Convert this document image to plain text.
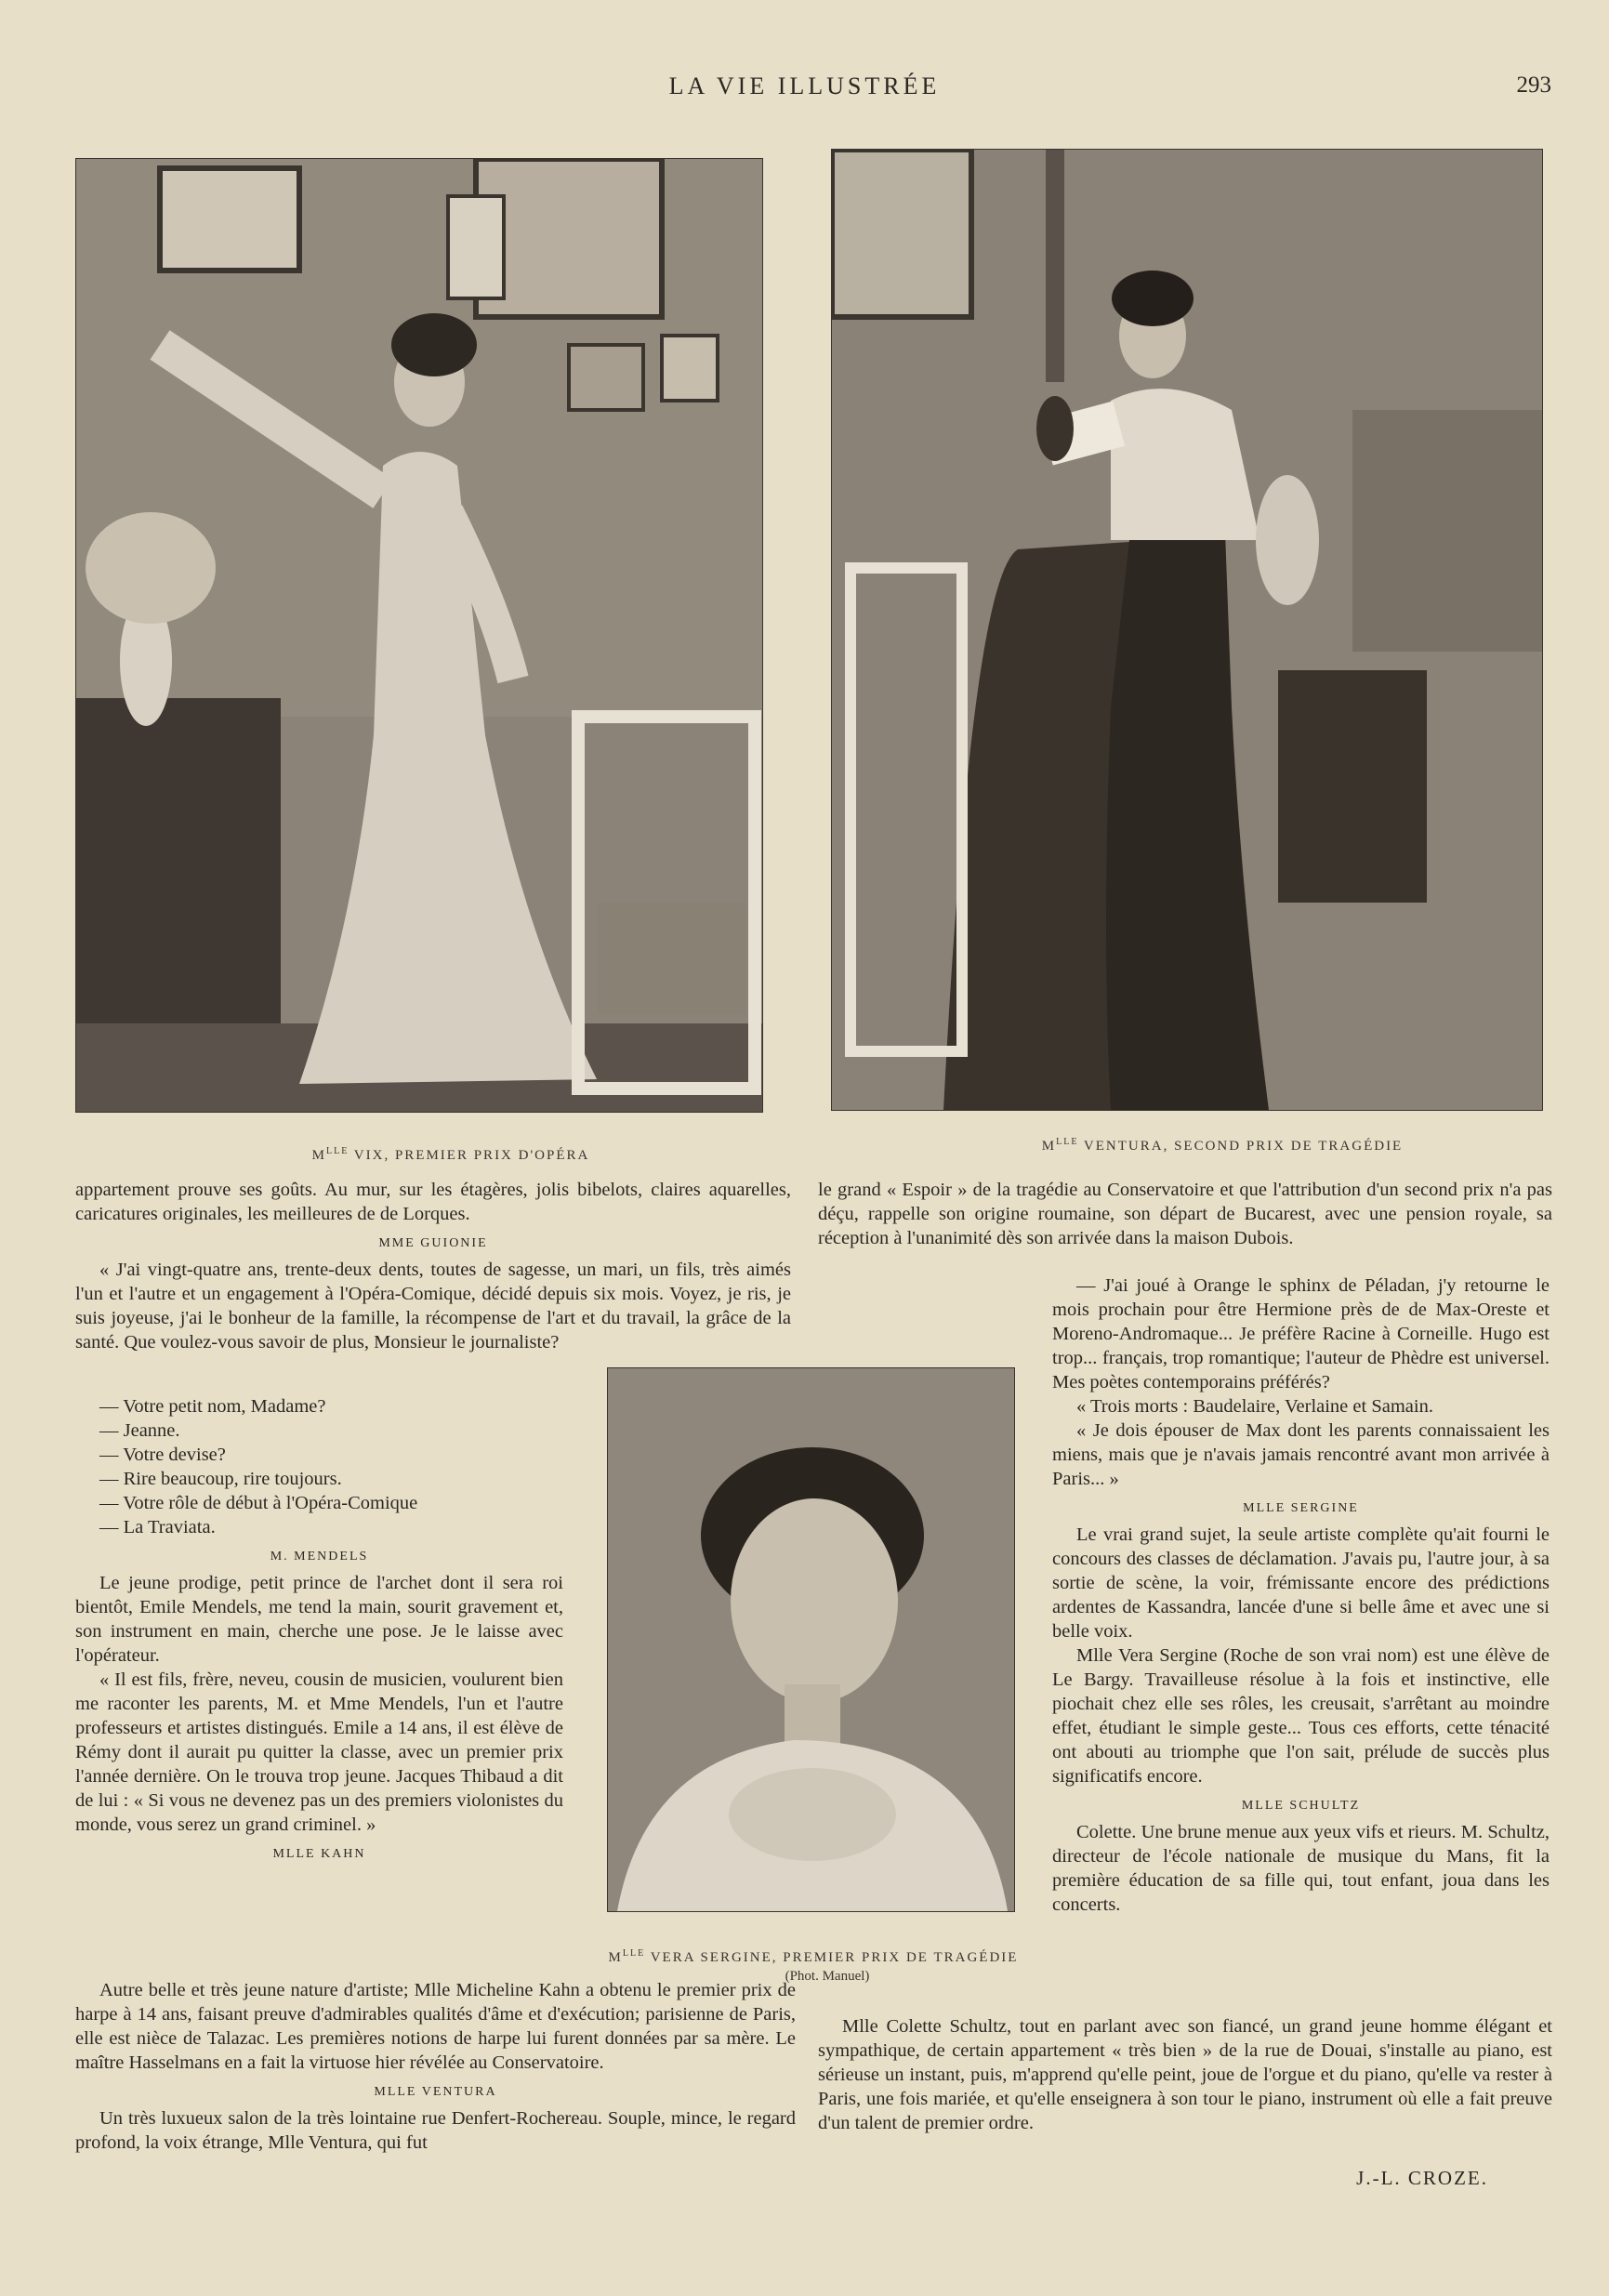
LA VIE ILLUSTRÉE	293
$M^{LLE}$ VIX, PREMIER PRIX D'OPÉRA
$M^{LLE}$ VENTURA, SECOND PRIX DE TRAGÉDIE
$M^{LLE}$ VERA SERGINE, PREMIER PRIX DE TRAGÉDIE
(Phot. Manuel)

appartement prouve ses goûts. Au mur, sur les étagères, jolis bibelots, claires aquarelles, caricatures originales, les meilleures de de Lorques.

MME GUIONIE

« J'ai vingt-quatre ans, trente-deux dents, toutes de sagesse, un mari, un fils, très aimés l'un et l'autre et un engagement à l'Opéra-Comique, décidé depuis six mois. Voyez, je ris, je suis joyeuse, j'ai le bonheur de la famille, la récompense de l'art et du travail, la grâce de la santé. Que voulez-vous savoir de plus, Monsieur le journaliste?

— Votre petit nom, Madame?

— Jeanne.

— Votre devise?

— Rire beaucoup, rire toujours.

— Votre rôle de début à l'Opéra-Comique

— La Traviata.

M. MENDELS

Le jeune prodige, petit prince de l'archet dont il sera roi bientôt, Emile Mendels, me tend la main, sourit gravement et, son instrument en main, cherche une pose. Je le laisse avec l'opérateur.

« Il est fils, frère, neveu, cousin de musicien, voulurent bien me raconter les parents, M. et Mme Mendels, l'un et l'autre professeurs et artistes distingués. Emile a 14 ans, il est élève de Rémy dont il aurait pu quitter la classe, avec un premier prix l'année dernière. On le trouva trop jeune. Jacques Thibaud a dit de lui : « Si vous ne devenez pas un des premiers violonistes du monde, vous serez un grand criminel. »

MLLE KAHN

Autre belle et très jeune nature d'artiste; Mlle Micheline Kahn a obtenu le premier prix de harpe à 14 ans, faisant preuve d'admirables qualités d'âme et d'exécution; parisienne de Paris, elle est nièce de Talazac. Les premières notions de harpe lui furent données par sa mère. Le maître Hasselmans en a fait la virtuose hier révélée au Conservatoire.

MLLE VENTURA

Un très luxueux salon de la très lointaine rue Denfert-Rochereau. Souple, mince, le regard profond, la voix étrange, Mlle Ventura, qui fut

le grand « Espoir » de la tragédie au Conservatoire et que l'attribution d'un second prix n'a pas déçu, rappelle son origine roumaine, son départ de Bucarest, avec une pension royale, sa réception à l'unanimité dès son arrivée dans la maison Dubois.

— J'ai joué à Orange le sphinx de Péladan, j'y retourne le mois prochain pour être Hermione près de de Max-Oreste et Moreno-Andromaque... Je préfère Racine à Corneille. Hugo est trop... français, trop romantique; l'auteur de Phèdre est universel. Mes poètes contemporains préférés?

« Trois morts : Baudelaire, Verlaine et Samain.

« Je dois épouser de Max dont les parents connaissaient les miens, mais que je n'avais jamais rencontré avant mon arrivée à Paris... »

MLLE SERGINE

Le vrai grand sujet, la seule artiste complète qu'ait fourni le concours des classes de déclamation. J'avais pu, l'autre jour, à sa sortie de scène, la voir, frémissante encore des prédictions ardentes de Kassandra, lancée d'une si belle âme et avec une si belle voix.

Mlle Vera Sergine (Roche de son vrai nom) est une élève de Le Bargy. Travailleuse résolue à la fois et instinctive, elle piochait chez elle ses rôles, les creusait, s'arrêtant au moindre effet, étudiant le simple geste... Tous ces efforts, cette ténacité ont abouti au triomphe que l'on sait, prélude de succès plus significatifs encore.

MLLE SCHULTZ

Colette. Une brune menue aux yeux vifs et rieurs. M. Schultz, directeur de l'école nationale de musique du Mans, fit la première éducation de sa fille qui, tout enfant, joua dans les concerts.

Mlle Colette Schultz, tout en parlant avec son fiancé, un grand jeune homme élégant et sympathique, de certain appartement « très bien » de la rue de Douai, s'installe au piano, est sérieuse un instant, puis, m'apprend qu'elle peint, joue de l'orgue et du piano, qu'elle va rester à Paris, une fois mariée, et qu'elle enseignera à son tour le piano, instrument où elle a fait preuve d'un talent de premier ordre.

J.-L. CROZE.
